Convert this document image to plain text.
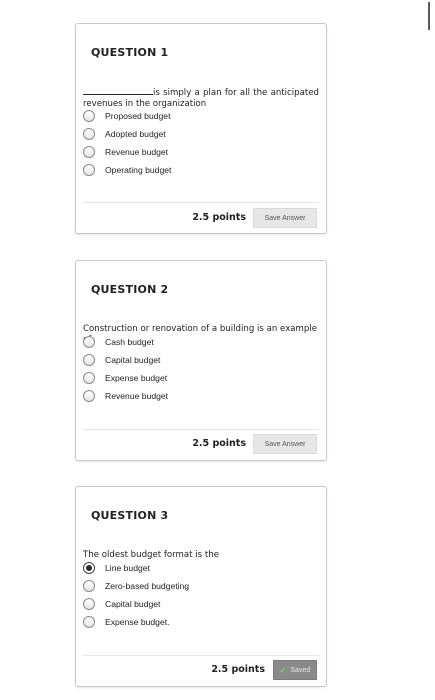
QUESTION 1

is simply a plan for all the anticipated revenues in the organization

Proposed budget
Adopted budget
Revenue budget
Operating budget
2.5 points	Save Answer
QUESTION 2

Construction or renovation of a building is an example

Cash budget
Capital budget
Expense budget
Revenue budget
2.5 points	Save Answer
QUESTION 3

The oldest budget format is the

Line budget
Zero-based budgeting
Capital budget
Expense budget.
2.5 points ✔ Saved
